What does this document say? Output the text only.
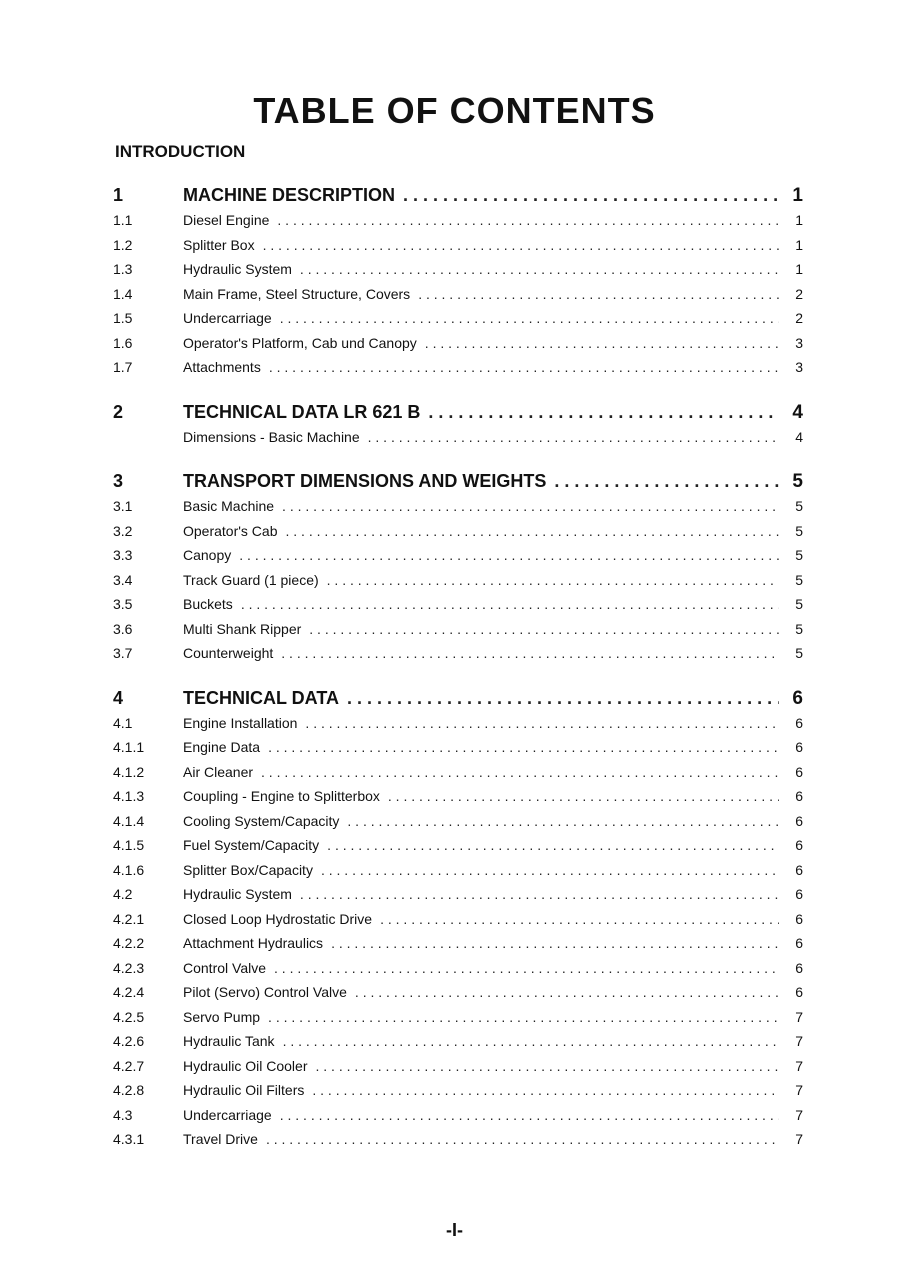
TABLE OF CONTENTS
INTRODUCTION
1	MACHINE DESCRIPTION . . .	1
1.1	Diesel Engine . . .	1
1.2	Splitter Box . . .	1
1.3	Hydraulic System . . .	1
1.4	Main Frame, Steel Structure, Covers . . .	2
1.5	Undercarriage . . .	2
1.6	Operator's Platform, Cab und Canopy . . .	3
1.7	Attachments . . .	3
2	TECHNICAL DATA LR 621 B . . .	4
Dimensions - Basic Machine . . .	4
3	TRANSPORT DIMENSIONS AND WEIGHTS . . .	5
3.1	Basic Machine . . .	5
3.2	Operator's Cab . . .	5
3.3	Canopy . . .	5
3.4	Track Guard (1 piece) . . .	5
3.5	Buckets . . .	5
3.6	Multi Shank Ripper . . .	5
3.7	Counterweight . . .	5
4	TECHNICAL DATA . . .	6
4.1	Engine Installation . . .	6
4.1.1	Engine Data . . .	6
4.1.2	Air Cleaner . . .	6
4.1.3	Coupling - Engine to Splitterbox . . .	6
4.1.4	Cooling System/Capacity . . .	6
4.1.5	Fuel System/Capacity . . .	6
4.1.6	Splitter Box/Capacity . . .	6
4.2	Hydraulic System . . .	6
4.2.1	Closed Loop Hydrostatic Drive . . .	6
4.2.2	Attachment Hydraulics . . .	6
4.2.3	Control Valve . . .	6
4.2.4	Pilot (Servo) Control Valve . . .	6
4.2.5	Servo Pump . . .	7
4.2.6	Hydraulic Tank . . .	7
4.2.7	Hydraulic Oil Cooler . . .	7
4.2.8	Hydraulic Oil Filters . . .	7
4.3	Undercarriage . . .	7
4.3.1	Travel Drive . . .	7
-I-
